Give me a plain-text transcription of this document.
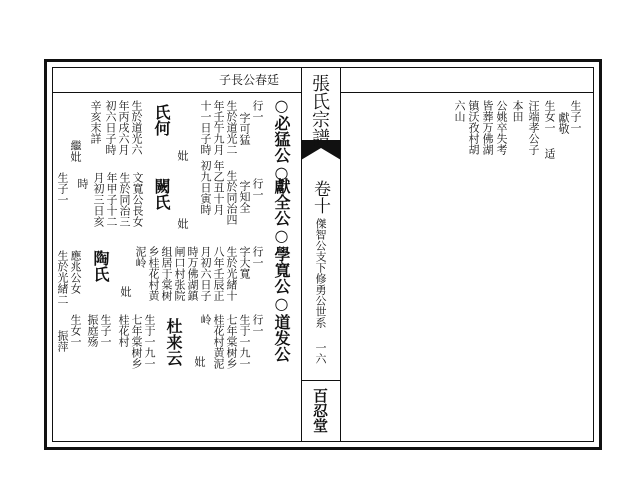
子長公春廷 張氏宗譜
卷十
傑智公支下修勇公世系
一六
百忍堂
○必猛公○
獻全公○
學寬公○
道发公
行一
字可猛
生於道光二
年壬午九月
十一日子時
妣
氏何
生於道光六
年丙戌六月
初六日子時
辛亥末詳
繼妣
行一
字知全
生於同治四
年乙丑十月
初九日寅時
妣
闕氏
生子一 時 月初三日亥 年甲子十二 生於同治三 文寬公長女
行一
字大寬
生於光緒十
八年壬辰正
月初六日子
時万佛湖鎮
闸口村张院
组居于棠树
乡桂花村黄
泥岭
妣
陶氏
生於光緒二 應兆公女
行一
生于一九一
七年棠树乡
桂花村黄泥
岭
妣
杜来云
生于一九一
七年棠树乡
桂花村
生子一
振庭殇
生女一
振萍
生子一
獻敬
生女一
适
汪端孝公子
本田
公姚卒失考
皆葬万佛湖
镇沃孜村胡
六山
